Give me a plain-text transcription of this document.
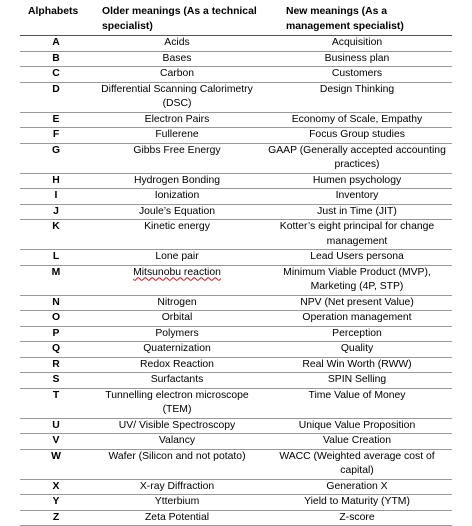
Alphabets	Older meanings (As a technical specialist)	New meanings (As a management specialist)
A	Acids	Acquisition
B	Bases	Business plan
C	Carbon	Customers
D	Differential Scanning Calorimetry (DSC)	Design Thinking
E	Electron Pairs	Economy of Scale, Empathy
F	Fullerene	Focus Group studies
G	Gibbs Free Energy	GAAP (Generally accepted accounting practices)
H	Hydrogen Bonding	Humen psychology
I	Ionization	Inventory
J	Joule’s Equation	Just in Time (JIT)
K	Kinetic energy	Kotter’s eight principal for change management
L	Lone pair	Lead Users persona
M	Mitsunobu reaction	Minimum Viable Product (MVP), Marketing (4P, STP)
N	Nitrogen	NPV (Net present Value)
O	Orbital	Operation management
P	Polymers	Perception
Q	Quaternization	Quality
R	Redox Reaction	Real Win Worth (RWW)
S	Surfactants	SPIN Selling
T	Tunnelling electron microscope (TEM)	Time Value of Money
U	UV/ Visible Spectroscopy	Unique Value Proposition
V	Valancy	Value Creation
W	Wafer (Silicon and not potato)	WACC (Weighted average cost of capital)
X	X-ray Diffraction	Generation X
Y	Ytterbium	Yield to Maturity (YTM)
Z	Zeta Potential	Z-score
